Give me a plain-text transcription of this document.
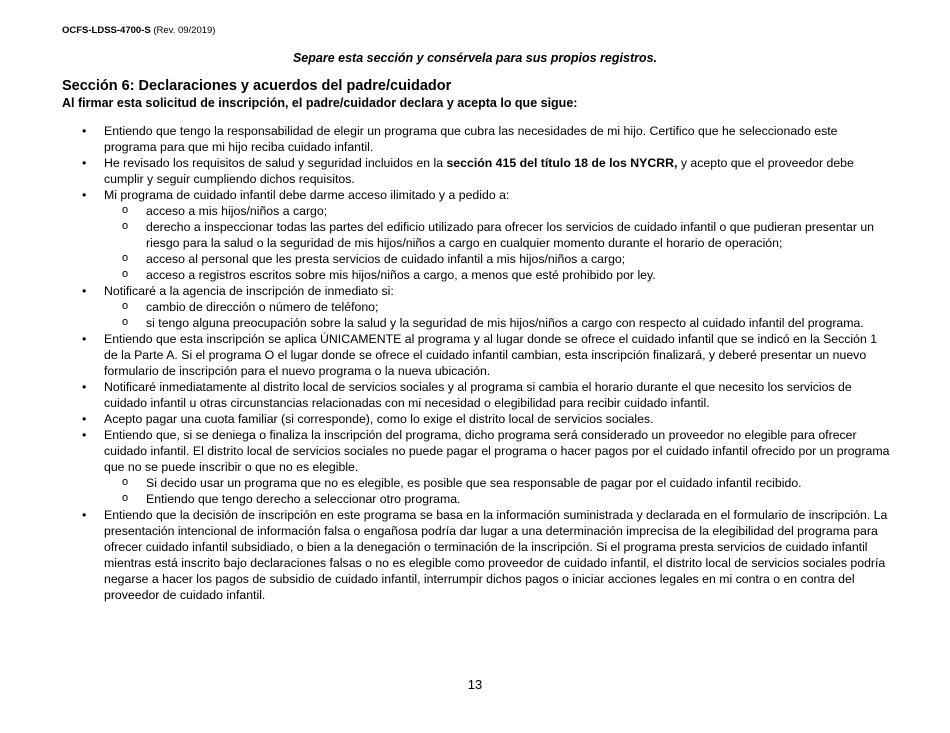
OCFS-LDSS-4700-S (Rev. 09/2019)
Separe esta sección y consérvela para sus propios registros.
Sección 6: Declaraciones y acuerdos del padre/cuidador
Al firmar esta solicitud de inscripción, el padre/cuidador declara y acepta lo que sigue:
• Entiendo que tengo la responsabilidad de elegir un programa que cubra las necesidades de mi hijo. Certifico que he seleccionado este programa para que mi hijo reciba cuidado infantil.
• He revisado los requisitos de salud y seguridad incluidos en la sección 415 del título 18 de los NYCRR, y acepto que el proveedor debe cumplir y seguir cumpliendo dichos requisitos.
• Mi programa de cuidado infantil debe darme acceso ilimitado y a pedido a:
o acceso a mis hijos/niños a cargo;
o derecho a inspeccionar todas las partes del edificio utilizado para ofrecer los servicios de cuidado infantil o que pudieran presentar un riesgo para la salud o la seguridad de mis hijos/niños a cargo en cualquier momento durante el horario de operación;
o acceso al personal que les presta servicios de cuidado infantil a mis hijos/niños a cargo;
o acceso a registros escritos sobre mis hijos/niños a cargo, a menos que esté prohibido por ley.
• Notificaré a la agencia de inscripción de inmediato si:
o cambio de dirección o número de teléfono;
o si tengo alguna preocupación sobre la salud y la seguridad de mis hijos/niños a cargo con respecto al cuidado infantil del programa.
• Entiendo que esta inscripción se aplica ÚNICAMENTE al programa y al lugar donde se ofrece el cuidado infantil que se indicó en la Sección 1 de la Parte A. Si el programa O el lugar donde se ofrece el cuidado infantil cambian, esta inscripción finalizará, y deberé presentar un nuevo formulario de inscripción para el nuevo programa o la nueva ubicación.
• Notificaré inmediatamente al distrito local de servicios sociales y al programa si cambia el horario durante el que necesito los servicios de cuidado infantil u otras circunstancias relacionadas con mi necesidad o elegibilidad para recibir cuidado infantil.
• Acepto pagar una cuota familiar (si corresponde), como lo exige el distrito local de servicios sociales.
• Entiendo que, si se deniega o finaliza la inscripción del programa, dicho programa será considerado un proveedor no elegible para ofrecer cuidado infantil. El distrito local de servicios sociales no puede pagar el programa o hacer pagos por el cuidado infantil ofrecido por un programa que no se puede inscribir o que no es elegible.
o Si decido usar un programa que no es elegible, es posible que sea responsable de pagar por el cuidado infantil recibido.
o Entiendo que tengo derecho a seleccionar otro programa.
• Entiendo que la decisión de inscripción en este programa se basa en la información suministrada y declarada en el formulario de inscripción. La presentación intencional de información falsa o engañosa podría dar lugar a una determinación imprecisa de la elegibilidad del programa para ofrecer cuidado infantil subsidiado, o bien a la denegación o terminación de la inscripción. Si el programa presta servicios de cuidado infantil mientras está inscrito bajo declaraciones falsas o no es elegible como proveedor de cuidado infantil, el distrito local de servicios sociales podría negarse a hacer los pagos de subsidio de cuidado infantil, interrumpir dichos pagos o iniciar acciones legales en mi contra o en contra del proveedor de cuidado infantil.
13
